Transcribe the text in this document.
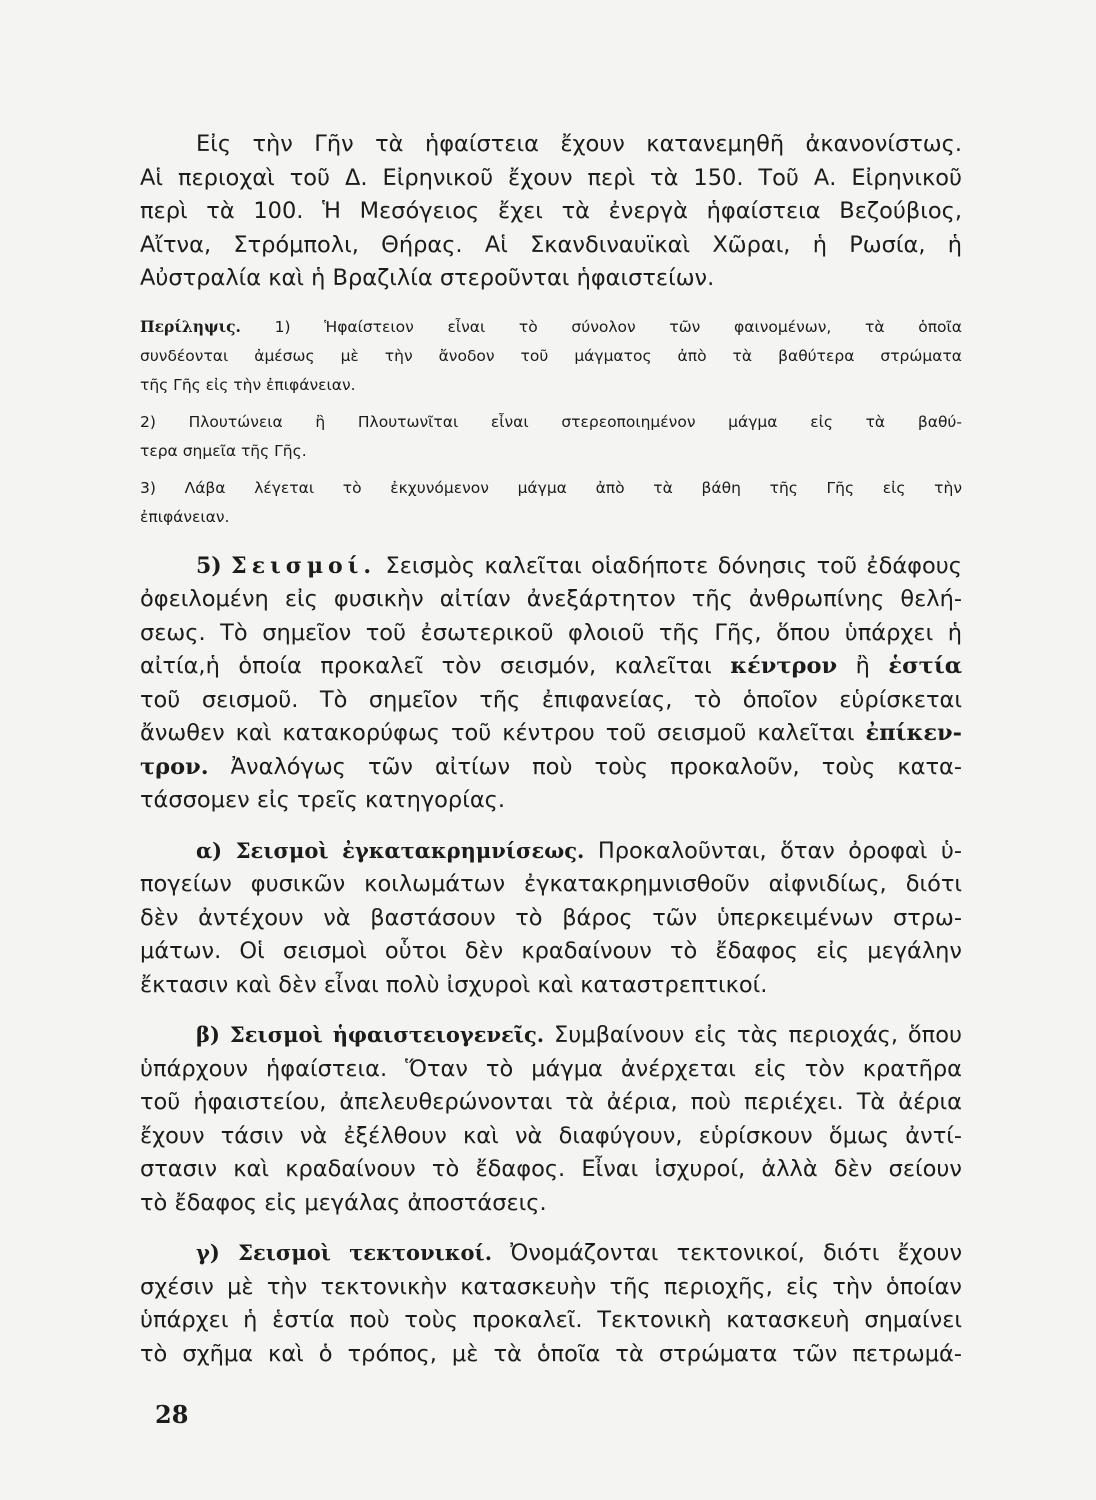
Εἰς τὴν Γῆν τὰ ἡφαίστεια ἔχουν κατανεμηθῆ ἀκανονίστως.
Αἱ περιοχαὶ τοῦ Δ. Εἰρηνικοῦ ἔχουν περὶ τὰ 150. Τοῦ Α. Εἰρηνικοῦ
περὶ τὰ 100. Ἡ Μεσόγειος ἔχει τὰ ἐνεργὰ ἡφαίστεια Βεζούβιος,
Αἴτνα, Στρόμπολι, Θήρας. Αἱ Σκανδιναυϊκαὶ Χῶραι, ἡ Ρωσία, ἡ
Αὐστραλία καὶ ἡ Βραζιλία στεροῦνται ἡφαιστείων.

Περίληψις. 1) Ἡφαίστειον εἶναι τὸ σύνολον τῶν φαινομένων, τὰ ὁποῖα
συνδέονται ἀμέσως μὲ τὴν ἄνοδον τοῦ μάγματος ἀπὸ τὰ βαθύτερα στρώματα
τῆς Γῆς εἰς τὴν ἐπιφάνειαν.
2) Πλουτώνεια ἢ Πλουτωνῖται εἶναι στερεοποιημένον μάγμα εἰς τὰ βαθύ-
τερα σημεῖα τῆς Γῆς.
3) Λάβα λέγεται τὸ ἐκχυνόμενον μάγμα ἀπὸ τὰ βάθη τῆς Γῆς εἰς τὴν
ἐπιφάνειαν.

5) Σεισμοί. Σεισμὸς καλεῖται οἱαδήποτε δόνησις τοῦ ἐδάφους
ὀφειλομένη εἰς φυσικὴν αἰτίαν ἀνεξάρτητον τῆς ἀνθρωπίνης θελή-
σεως. Τὸ σημεῖον τοῦ ἐσωτερικοῦ φλοιοῦ τῆς Γῆς, ὅπου ὑπάρχει ἡ
αἰτία,ἡ ὁποία προκαλεῖ τὸν σεισμόν, καλεῖται κέντρον ἢ ἑστία
τοῦ σεισμοῦ. Τὸ σημεῖον τῆς ἐπιφανείας, τὸ ὁποῖον εὑρίσκεται
ἄνωθεν καὶ κατακορύφως τοῦ κέντρου τοῦ σεισμοῦ καλεῖται ἐπίκεν-
τρον. Ἀναλόγως τῶν αἰτίων ποὺ τοὺς προκαλοῦν, τοὺς κατα-
τάσσομεν εἰς τρεῖς κατηγορίας.

α) Σεισμοὶ ἐγκατακρημνίσεως. Προκαλοῦνται, ὅταν ὀροφαὶ ὑ-
πογείων φυσικῶν κοιλωμάτων ἐγκατακρημνισθοῦν αἰφνιδίως, διότι
δὲν ἀντέχουν νὰ βαστάσουν τὸ βάρος τῶν ὑπερκειμένων στρω-
μάτων. Οἱ σεισμοὶ οὗτοι δὲν κραδαίνουν τὸ ἔδαφος εἰς μεγάλην
ἔκτασιν καὶ δὲν εἶναι πολὺ ἰσχυροὶ καὶ καταστρεπτικοί.

β) Σεισμοὶ ἡφαιστειογενεῖς. Συμβαίνουν εἰς τὰς περιοχάς, ὅπου
ὑπάρχουν ἡφαίστεια. Ὅταν τὸ μάγμα ἀνέρχεται εἰς τὸν κρατῆρα
τοῦ ἡφαιστείου, ἀπελευθερώνονται τὰ ἀέρια, ποὺ περιέχει. Τὰ ἀέρια
ἔχουν τάσιν νὰ ἐξέλθουν καὶ νὰ διαφύγουν, εὑρίσκουν ὅμως ἀντί-
στασιν καὶ κραδαίνουν τὸ ἔδαφος. Εἶναι ἰσχυροί, ἀλλὰ δὲν σείουν
τὸ ἔδαφος εἰς μεγάλας ἀποστάσεις.

γ) Σεισμοὶ τεκτονικοί. Ὀνομάζονται τεκτονικοί, διότι ἔχουν
σχέσιν μὲ τὴν τεκτονικὴν κατασκευὴν τῆς περιοχῆς, εἰς τὴν ὁποίαν
ὑπάρχει ἡ ἑστία ποὺ τοὺς προκαλεῖ. Τεκτονικὴ κατασκευὴ σημαίνει
τὸ σχῆμα καὶ ὁ τρόπος, μὲ τὰ ὁποῖα τὰ στρώματα τῶν πετρωμά-

28
